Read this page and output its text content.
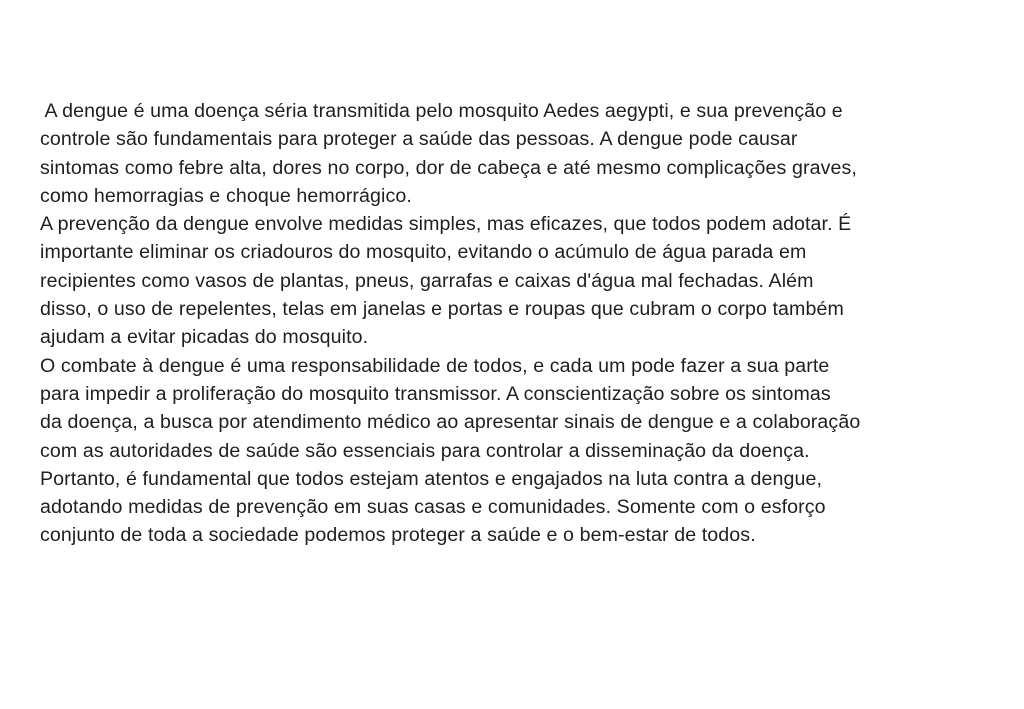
A dengue é uma doença séria transmitida pelo mosquito Aedes aegypti, e sua prevenção e
controle são fundamentais para proteger a saúde das pessoas. A dengue pode causar
sintomas como febre alta, dores no corpo, dor de cabeça e até mesmo complicações graves,
como hemorragias e choque hemorrágico.
A prevenção da dengue envolve medidas simples, mas eficazes, que todos podem adotar. É
importante eliminar os criadouros do mosquito, evitando o acúmulo de água parada em
recipientes como vasos de plantas, pneus, garrafas e caixas d'água mal fechadas. Além
disso, o uso de repelentes, telas em janelas e portas e roupas que cubram o corpo também
ajudam a evitar picadas do mosquito.
O combate à dengue é uma responsabilidade de todos, e cada um pode fazer a sua parte
para impedir a proliferação do mosquito transmissor. A conscientização sobre os sintomas
da doença, a busca por atendimento médico ao apresentar sinais de dengue e a colaboração
com as autoridades de saúde são essenciais para controlar a disseminação da doença.
Portanto, é fundamental que todos estejam atentos e engajados na luta contra a dengue,
adotando medidas de prevenção em suas casas e comunidades. Somente com o esforço
conjunto de toda a sociedade podemos proteger a saúde e o bem-estar de todos.
